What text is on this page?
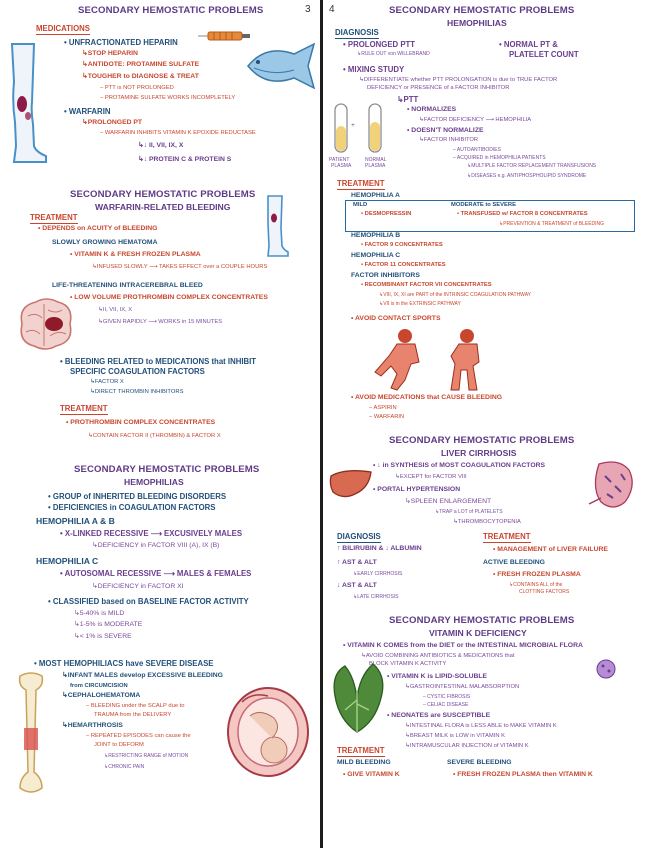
3
SECONDARY HEMOSTATIC PROBLEMS
MEDICATIONS
• UNFRACTIONATED HEPARIN
↳STOP HEPARIN
↳ANTIDOTE: PROTAMINE SULFATE
↳TOUGHER to DIAGNOSE & TREAT
– PTT is NOT PROLONGED
– PROTAMINE SULFATE WORKS INCOMPLETELY
• WARFARIN
↳PROLONGED PT
– WARFARIN INHIBITS VITAMIN K EPOXIDE REDUCTASE
↳↓ II, VII, IX, X
↳↓ PROTEIN C & PROTEIN S
SECONDARY HEMOSTATIC PROBLEMS
WARFARIN-RELATED BLEEDING
TREATMENT
• DEPENDS on ACUITY of BLEEDING
SLOWLY GROWING HEMATOMA
• VITAMIN K & FRESH FROZEN PLASMA
↳INFUSED SLOWLY ⟶ TAKES EFFECT over a COUPLE HOURS
LIFE-THREATENING INTRACEREBRAL BLEED
• LOW VOLUME PROTHROMBIN COMPLEX CONCENTRATES
↳II, VII, IX, X
↳GIVEN RAPIDLY ⟶ WORKS in 15 MINUTES
• BLEEDING RELATED to MEDICATIONS that INHIBIT
SPECIFIC COAGULATION FACTORS
↳FACTOR X
↳DIRECT THROMBIN INHIBITORS
TREATMENT
• PROTHROMBIN COMPLEX CONCENTRATES
↳CONTAIN FACTOR II (THROMBIN) & FACTOR X
SECONDARY HEMOSTATIC PROBLEMS
HEMOPHILIAS
• GROUP of INHERITED BLEEDING DISORDERS
• DEFICIENCIES in COAGULATION FACTORS
HEMOPHILIA A & B
• X-LINKED RECESSIVE ⟶ EXCUSIVELY MALES
↳DEFICIENCY in FACTOR VIII (A), IX (B)
HEMOPHILIA C
• AUTOSOMAL RECESSIVE ⟶ MALES & FEMALES
↳DEFICIENCY in FACTOR XI
• CLASSIFIED based on BASELINE FACTOR ACTIVITY
↳5-40% is MILD
↳1-5% is MODERATE
↳< 1% is SEVERE
• MOST HEMOPHILIACS have SEVERE DISEASE
↳INFANT MALES develop EXCESSIVE BLEEDING
from CIRCUMCISION
↳CEPHALOHEMATOMA
– BLEEDING under the SCALP due to
TRAUMA from the DELIVERY
↳HEMARTHROSIS
– REPEATED EPISODES can cause the
JOINT to DEFORM
↳RESTRICTING RANGE of MOTION
↳CHRONIC PAIN
4	SECONDARY HEMOSTATIC PROBLEMS
HEMOPHILIAS
DIAGNOSIS
• PROLONGED PTT
↳RULE OUT von WILLEBRAND
• NORMAL PT &
PLATELET COUNT
• MIXING STUDY
↳DIFFERENTIATE whether PTT PROLONGATION is due to TRUE FACTOR
DEFICIENCY or PRESENCE of a FACTOR INHIBITOR
↳PTT
• NORMALIZES
↳FACTOR DEFICIENCY ⟶ HEMOPHILIA
• DOESN'T NORMALIZE
↳FACTOR INHIBITOR
– AUTOANTIBODIES
– ACQUIRED in HEMOPHILIA PATIENTS
↳MULTIPLE FACTOR REPLACEMENT TRANSFUSIONS
↳DISEASES e.g. ANTIPHOSPHOLIPID SYNDROME
+
PATIENT
PLASMA
NORMAL
PLASMA
TREATMENT
HEMOPHILIA A
MILD	MODERATE to SEVERE
• DESMOPRESSIN	• TRANSFUSED w/ FACTOR 8 CONCENTRATES
↳PREVENTION & TREATMENT of BLEEDING
HEMOPHILIA B
• FACTOR 9 CONCENTRATES
HEMOPHILIA C
• FACTOR 11 CONCENTRATES
FACTOR INHIBITORS
• RECOMBINANT FACTOR VII CONCENTRATES
↳VIII, IX, XI are PART of the INTRINSIC COAGULATION PATHWAY
↳VII is in the EXTRINSIC PATHWAY
• AVOID CONTACT SPORTS
• AVOID MEDICATIONS that CAUSE BLEEDING
– ASPIRIN
– WARFARIN
SECONDARY HEMOSTATIC PROBLEMS
LIVER CIRRHOSIS
• ↓ in SYNTHESIS of MOST COAGULATION FACTORS
↳EXCEPT for FACTOR VIII
• PORTAL HYPERTENSION
↳SPLEEN ENLARGEMENT
↳TRAP a LOT of PLATELETS
↳THROMBOCYTOPENIA
DIAGNOSIS
↑ BILIRUBIN & ↓ ALBUMIN
↑ AST & ALT
↳EARLY CIRRHOSIS
↓ AST & ALT
↳LATE CIRRHOSIS
TREATMENT
• MANAGEMENT of LIVER FAILURE
ACTIVE BLEEDING
• FRESH FROZEN PLASMA
↳CONTAINS ALL of the
CLOTTING FACTORS
SECONDARY HEMOSTATIC PROBLEMS
VITAMIN K DEFICIENCY
• VITAMIN K COMES from the DIET or the INTESTINAL MICROBIAL FLORA
↳AVOID COMBINING ANTIBIOTICS & MEDICATIONS that
BLOCK VITAMIN K ACTIVITY
• VITAMIN K is LIPID-SOLUBLE
↳GASTROINTESTINAL MALABSORPTION
– CYSTIC FIBROSIS
– CELIAC DISEASE
• NEONATES are SUSCEPTIBLE
↳INTESTINAL FLORA is LESS ABLE to MAKE VITAMIN K
↳BREAST MILK is LOW in VITAMIN K
↳INTRAMUSCULAR INJECTION of VITAMIN K
TREATMENT
MILD BLEEDING
• GIVE VITAMIN K
SEVERE BLEEDING
• FRESH FROZEN PLASMA then VITAMIN K
